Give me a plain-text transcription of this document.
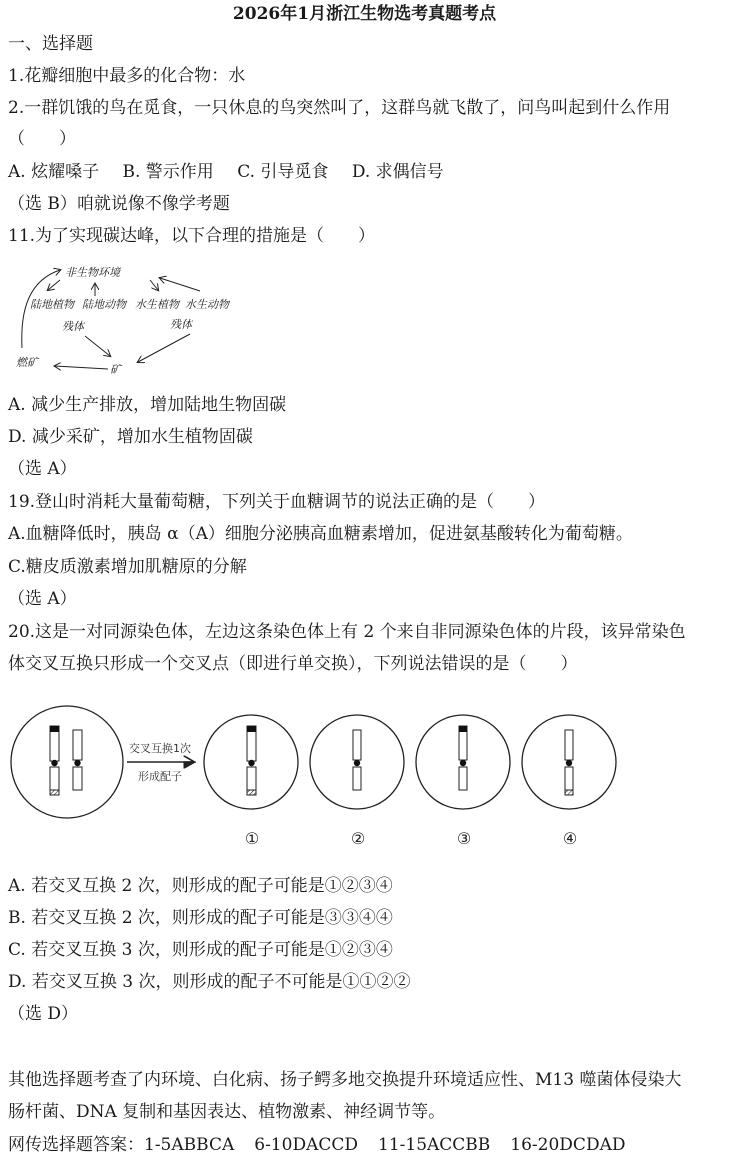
2026年1月浙江生物选考真题考点
一、选择题
1.花瓣细胞中最多的化合物：水
2.一群饥饿的鸟在觅食，一只休息的鸟突然叫了，这群鸟就飞散了，问鸟叫起到什么作用
（　　）
A. 炫耀嗓子 B. 警示作用 C. 引导觅食 D. 求偶信号
（选 B）咱就说像不像学考题
11.为了实现碳达峰，以下合理的措施是（　　）
非生物环境
陆地植物 陆地动物 水生植物 水生动物
残体	残体
矿
燃矿
A. 减少生产排放，增加陆地生物固碳
D. 减少采矿，增加水生植物固碳
（选 A）
19.登山时消耗大量葡萄糖，下列关于血糖调节的说法正确的是（　　）
A.血糖降低时，胰岛 α（A）细胞分泌胰高血糖素增加，促进氨基酸转化为葡萄糖。
C.糖皮质激素增加肌糖原的分解
（选 A）
20.这是一对同源染色体，左边这条染色体上有 2 个来自非同源染色体的片段，该异常染色
体交叉互换只形成一个交叉点（即进行单交换），下列说法错误的是（　　）
交叉互换1次
形成配子
①	②	③	④
A. 若交叉互换 2 次，则形成的配子可能是①②③④
B. 若交叉互换 2 次，则形成的配子可能是③③④④
C. 若交叉互换 3 次，则形成的配子可能是①②③④
D. 若交叉互换 3 次，则形成的配子不可能是①①②②
（选 D）
其他选择题考查了内环境、白化病、扬子鳄多地交换提升环境适应性、M13 噬菌体侵染大
肠杆菌、DNA 复制和基因表达、植物激素、神经调节等。
网传选择题答案：1-5ABBCA 6-10DACCD 11-15ACCBB 16-20DCDAD
